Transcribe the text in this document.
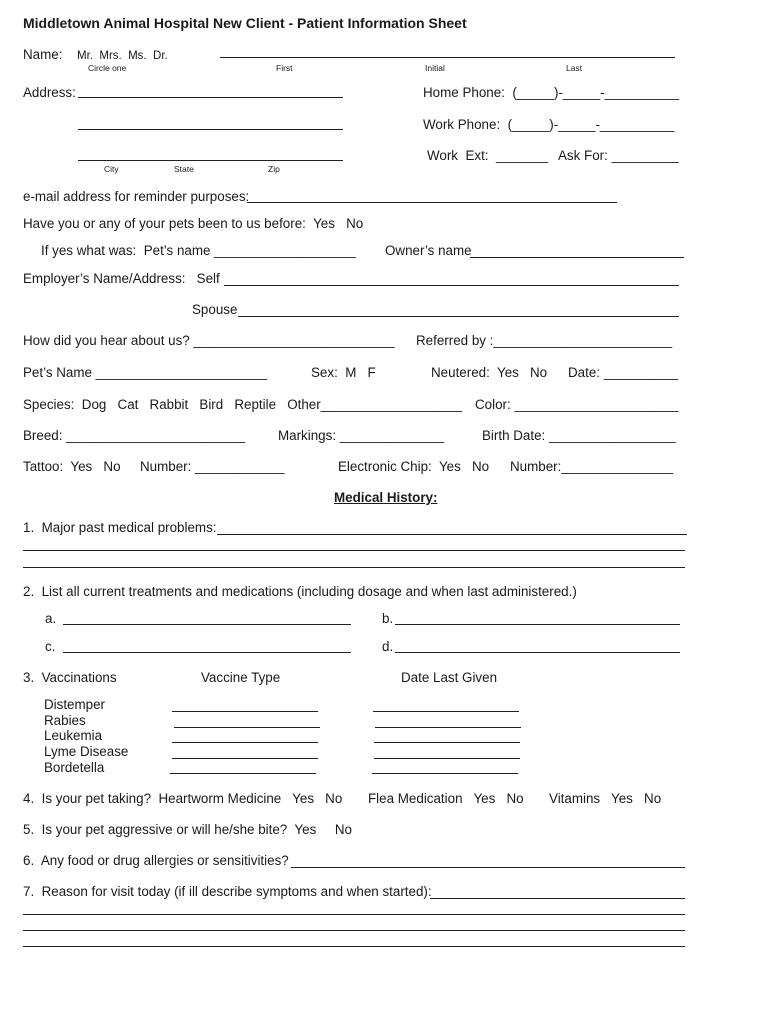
Middletown Animal Hospital New Client - Patient Information Sheet
Name: Mr.  Mrs.  Ms.  Dr.
Circle one	First	Initial	Last
Address:
City	State	Zip
Home Phone:  (_____)-_____-__________
Work Phone:  (_____)-_____-__________
Work  Ext:  _______ Ask For: _________
e-mail address for reminder purposes:
Have you or any of your pets been to us before:  Yes   No
If yes what was:  Pet’s name ___________________ Owner’s name
Employer’s Name/Address:   Self
Spouse
How did you hear about us? ___________________________ Referred by :________________________
Pet’s Name _______________________	Sex:  M   F	Neutered:  Yes   No Date: __________
Species:  Dog   Cat   Rabbit   Bird   Reptile   Other___________________ Color: ______________________
Breed: ________________________ Markings: ______________	Birth Date: _________________
Tattoo:  Yes   No Number: ____________	Electronic Chip:  Yes   No Number:_______________
Medical History:
1.  Major past medical problems:
2.  List all current treatments and medications (including dosage and when last administered.)
a.	b.
c.	d.
3.  Vaccinations	Vaccine Type	Date Last Given
Distemper
Rabies
Leukemia
Lyme Disease
Bordetella
4.  Is your pet taking?  Heartworm Medicine   Yes   No Flea Medication   Yes   No Vitamins   Yes   No
5.  Is your pet aggressive or will he/she bite?  Yes     No
6.  Any food or drug allergies or sensitivities?
7.  Reason for visit today (if ill describe symptoms and when started):
